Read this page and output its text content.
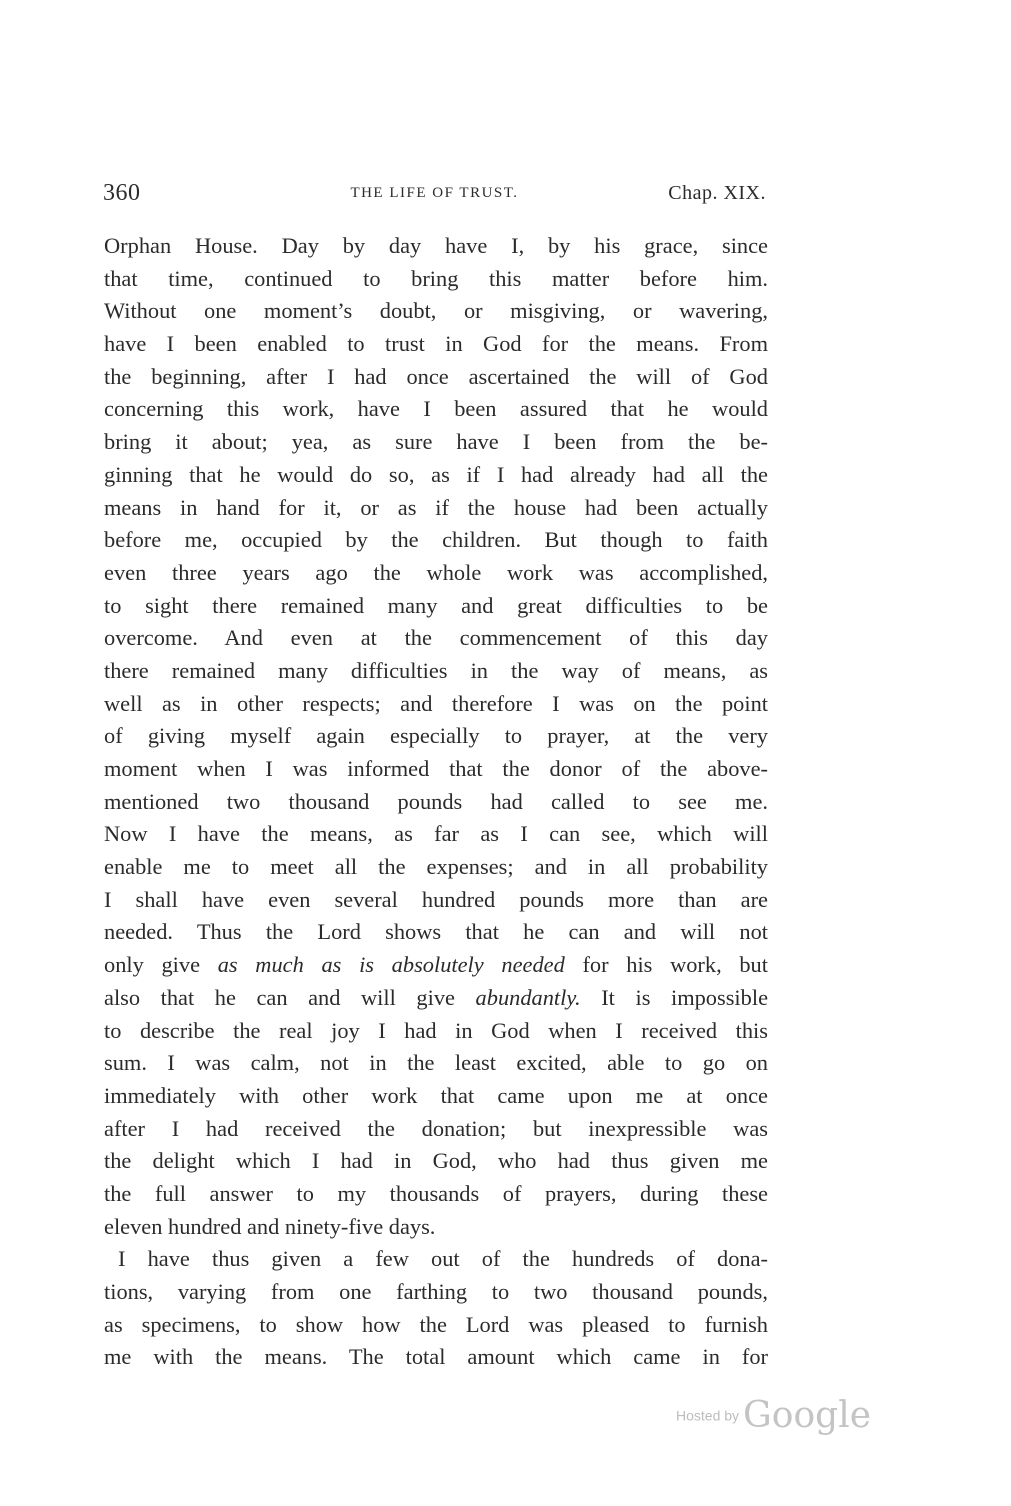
360	THE LIFE OF TRUST.	Chap. XIX.
Orphan House. Day by day have I, by his grace, since
that time, continued to bring this matter before him.
Without one moment’s doubt, or misgiving, or wavering,
have I been enabled to trust in God for the means. From
the beginning, after I had once ascertained the will of God
concerning this work, have I been assured that he would
bring it about; yea, as sure have I been from the be-
ginning that he would do so, as if I had already had all the
means in hand for it, or as if the house had been actually
before me, occupied by the children. But though to faith
even three years ago the whole work was accomplished,
to sight there remained many and great difficulties to be
overcome. And even at the commencement of this day
there remained many difficulties in the way of means, as
well as in other respects; and therefore I was on the point
of giving myself again especially to prayer, at the very
moment when I was informed that the donor of the above-
mentioned two thousand pounds had called to see me.
Now I have the means, as far as I can see, which will
enable me to meet all the expenses; and in all probability
I shall have even several hundred pounds more than are
needed. Thus the Lord shows that he can and will not
only give as much as is absolutely needed for his work, but
also that he can and will give abundantly. It is impossible
to describe the real joy I had in God when I received this
sum. I was calm, not in the least excited, able to go on
immediately with other work that came upon me at once
after I had received the donation; but inexpressible was
the delight which I had in God, who had thus given me
the full answer to my thousands of prayers, during these
eleven hundred and ninety-five days.
I have thus given a few out of the hundreds of dona-
tions, varying from one farthing to two thousand pounds,
as specimens, to show how the Lord was pleased to furnish
me with the means. The total amount which came in for
Hosted by Google
